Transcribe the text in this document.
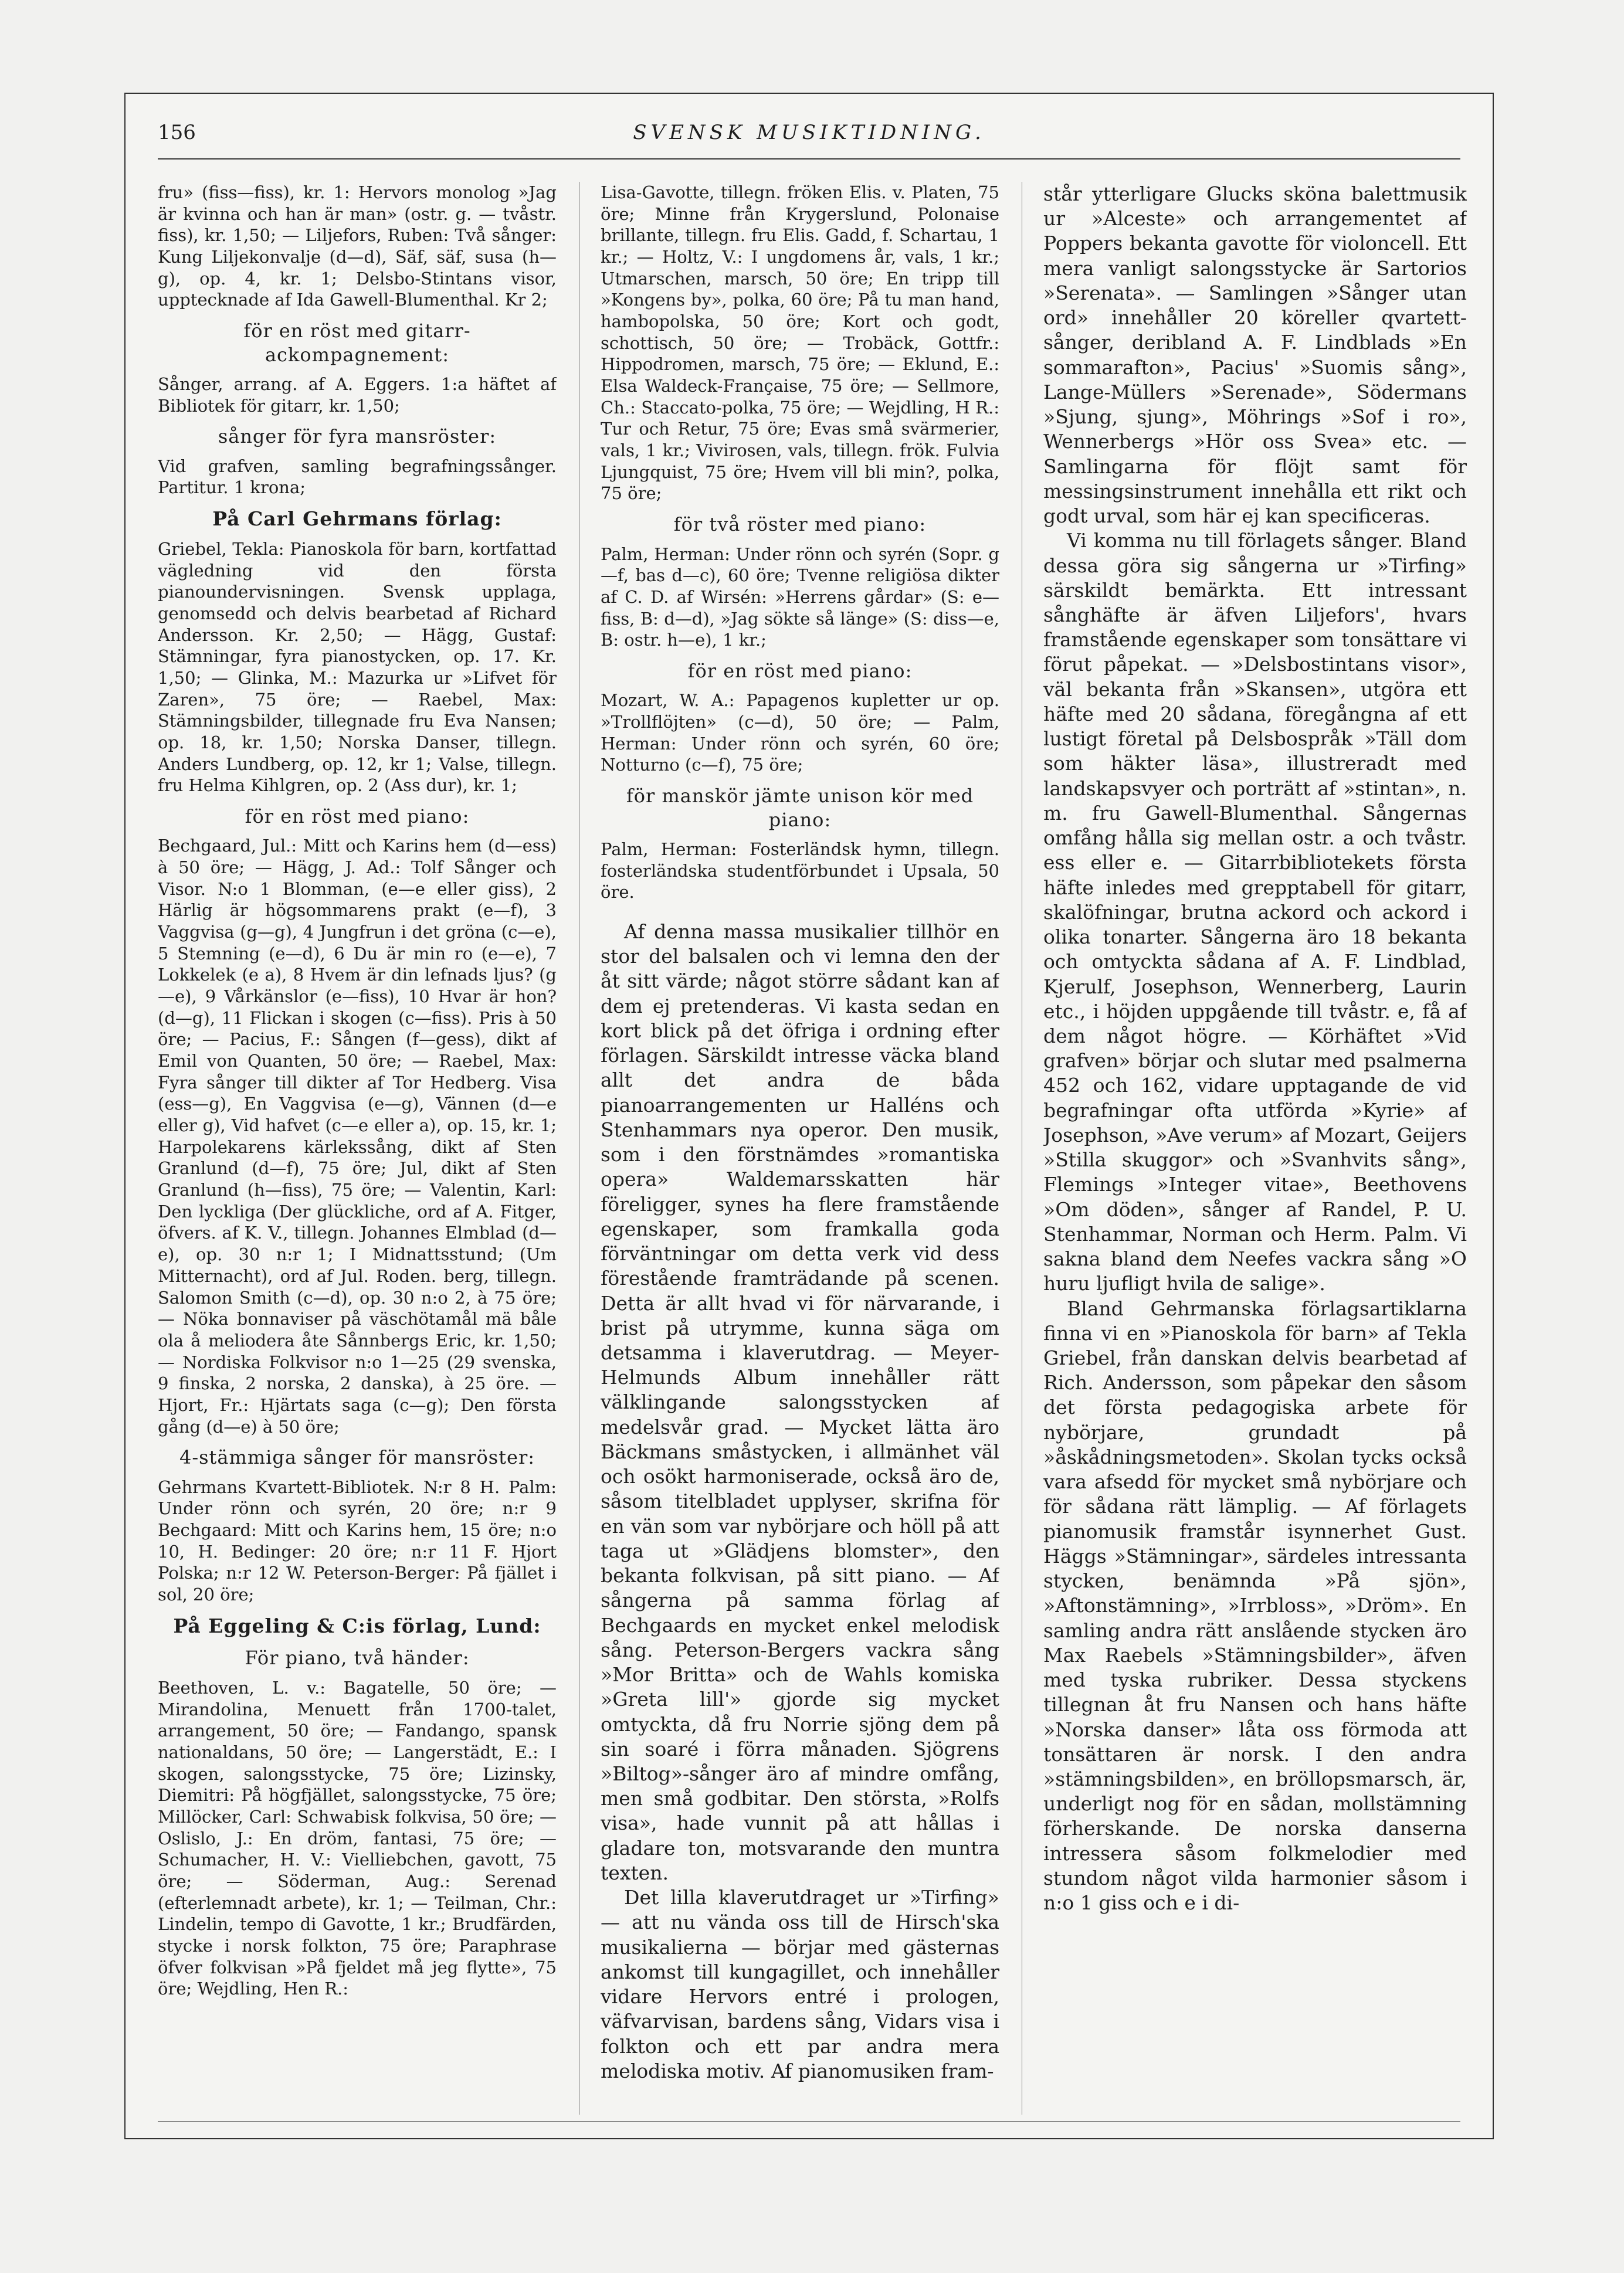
156	SVENSK MUSIKTIDNING.

fru» (fiss—fiss), kr. 1: Hervors monolog »Jag är kvinna och han är man» (ostr. g. — tvåstr. fiss), kr. 1,50; — Liljefors, Ruben: Två sånger: Kung Liljekonvalje (d—d), Säf, säf, susa (h—g), op. 4, kr. 1; Delsbo-Stintans visor, upptecknade af Ida Gawell-Blumenthal. Kr 2;

för en röst med gitarr-ackompagnement:

Sånger, arrang. af A. Eggers. 1:a häftet af Bibliotek för gitarr, kr. 1,50;

sånger för fyra mansröster:

Vid grafven, samling begrafningssånger. Partitur. 1 krona;

På Carl Gehrmans förlag:

Griebel, Tekla: Pianoskola för barn, kortfattad vägledning vid den första pianoundervisningen. Svensk upplaga, genomsedd och delvis bearbetad af Richard Andersson. Kr. 2,50; — Hägg, Gustaf: Stämningar, fyra pianostycken, op. 17. Kr. 1,50; — Glinka, M.: Mazurka ur »Lifvet för Zaren», 75 öre; — Raebel, Max: Stämningsbilder, tillegnade fru Eva Nansen; op. 18, kr. 1,50; Norska Danser, tillegn. Anders Lundberg, op. 12, kr 1; Valse, tillegn. fru Helma Kihlgren, op. 2 (Ass dur), kr. 1;

för en röst med piano:

Bechgaard, Jul.: Mitt och Karins hem (d—ess) à 50 öre; — Hägg, J. Ad.: Tolf Sånger och Visor. N:o 1 Blomman, (e—e eller giss), 2 Härlig är högsommarens prakt (e—f), 3 Vaggvisa (g—g), 4 Jungfrun i det gröna (c—e), 5 Stemning (e—d), 6 Du är min ro (e—e), 7 Lokkelek (e a), 8 Hvem är din lefnads ljus? (g—e), 9 Vårkänslor (e—fiss), 10 Hvar är hon? (d—g), 11 Flickan i skogen (c—fiss). Pris à 50 öre; — Pacius, F.: Sången (f—gess), dikt af Emil von Quanten, 50 öre; — Raebel, Max: Fyra sånger till dikter af Tor Hedberg. Visa (ess—g), En Vaggvisa (e—g), Vännen (d—e eller g), Vid hafvet (c—e eller a), op. 15, kr. 1; Harpolekarens kärlekssång, dikt af Sten Granlund (d—f), 75 öre; Jul, dikt af Sten Granlund (h—fiss), 75 öre; — Valentin, Karl: Den lyckliga (Der glückliche, ord af A. Fitger, öfvers. af K. V., tillegn. Johannes Elmblad (d—e), op. 30 n:r 1; I Midnattsstund; (Um Mitternacht), ord af Jul. Roden. berg, tillegn. Salomon Smith (c—d), op. 30 n:o 2, à 75 öre; — Nöka bonnaviser på väschötamål mä båle ola å meliodera åte Sånnbergs Eric, kr. 1,50; — Nordiska Folkvisor n:o 1—25 (29 svenska, 9 finska, 2 norska, 2 danska), à 25 öre. — Hjort, Fr.: Hjärtats saga (c—g); Den första gång (d—e) à 50 öre;

4-stämmiga sånger för mansröster:

Gehrmans Kvartett-Bibliotek. N:r 8 H. Palm: Under rönn och syrén, 20 öre; n:r 9 Bechgaard: Mitt och Karins hem, 15 öre; n:o 10, H. Bedinger: 20 öre; n:r 11 F. Hjort Polska; n:r 12 W. Peterson-Berger: På fjället i sol, 20 öre;

På Eggeling & C:is förlag, Lund:
För piano, två händer:

Beethoven, L. v.: Bagatelle, 50 öre; — Mirandolina, Menuett från 1700-talet, arrangement, 50 öre; — Fandango, spansk nationaldans, 50 öre; — Langerstädt, E.: I skogen, salongsstycke, 75 öre; Lizinsky, Diemitri: På högfjället, salongsstycke, 75 öre; Millöcker, Carl: Schwabisk folkvisa, 50 öre; — Oslislo, J.: En dröm, fantasi, 75 öre; — Schumacher, H. V.: Vielliebchen, gavott, 75 öre; — Söderman, Aug.: Serenad (efterlemnadt arbete), kr. 1; — Teilman, Chr.: Lindelin, tempo di Gavotte, 1 kr.; Brudfärden, stycke i norsk folkton, 75 öre; Paraphrase öfver folkvisan »På fjeldet må jeg flytte», 75 öre; Wejdling, Hen R.:

Lisa-Gavotte, tillegn. fröken Elis. v. Platen, 75 öre; Minne från Krygerslund, Polonaise brillante, tillegn. fru Elis. Gadd, f. Schartau, 1 kr.; — Holtz, V.: I ungdomens år, vals, 1 kr.; Utmarschen, marsch, 50 öre; En tripp till »Kongens by», polka, 60 öre; På tu man hand, hambopolska, 50 öre; Kort och godt, schottisch, 50 öre; — Trobäck, Gottfr.: Hippodromen, marsch, 75 öre; — Eklund, E.: Elsa Waldeck-Française, 75 öre; — Sellmore, Ch.: Staccato-polka, 75 öre; — Wejdling, H R.: Tur och Retur, 75 öre; Evas små svärmerier, vals, 1 kr.; Vivirosen, vals, tillegn. frök. Fulvia Ljungquist, 75 öre; Hvem vill bli min?, polka, 75 öre;

för två röster med piano:

Palm, Herman: Under rönn och syrén (Sopr. g—f, bas d—c), 60 öre; Tvenne religiösa dikter af C. D. af Wirsén: »Herrens gårdar» (S: e—fiss, B: d—d), »Jag sökte så länge» (S: diss—e, B: ostr. h—e), 1 kr.;

för en röst med piano:

Mozart, W. A.: Papagenos kupletter ur op. »Trollflöjten» (c—d), 50 öre; — Palm, Herman: Under rönn och syrén, 60 öre; Notturno (c—f), 75 öre;

för manskör jämte unison kör med piano:

Palm, Herman: Fosterländsk hymn, tillegn. fosterländska studentförbundet i Upsala, 50 öre.

Af denna massa musikalier tillhör en stor del balsalen och vi lemna den der åt sitt värde; något större sådant kan af dem ej pretenderas. Vi kasta sedan en kort blick på det öfriga i ordning efter förlagen. Särskildt intresse väcka bland allt det andra de båda pianoarrangementen ur Halléns och Stenhammars nya operor. Den musik, som i den förstnämdes »romantiska opera» Waldemarsskatten här föreligger, synes ha flere framstående egenskaper, som framkalla goda förväntningar om detta verk vid dess förestående framträdande på scenen. Detta är allt hvad vi för närvarande, i brist på utrymme, kunna säga om detsamma i klaverutdrag. — Meyer-Helmunds Album innehåller rätt välklingande salongsstycken af medelsvår grad. — Mycket lätta äro Bäckmans småstycken, i allmänhet väl och osökt harmoniserade, också äro de, såsom titelbladet upplyser, skrifna för en vän som var nybörjare och höll på att taga ut »Glädjens blomster», den bekanta folkvisan, på sitt piano. — Af sångerna på samma förlag af Bechgaards en mycket enkel melodisk sång. Peterson-Bergers vackra sång »Mor Britta» och de Wahls komiska »Greta lill'» gjorde sig mycket omtyckta, då fru Norrie sjöng dem på sin soaré i förra månaden. Sjögrens »Biltog»-sånger äro af mindre omfång, men små godbitar. Den största, »Rolfs visa», hade vunnit på att hållas i gladare ton, motsvarande den muntra texten.

Det lilla klaverutdraget ur »Tirfing» — att nu vända oss till de Hirsch'ska musikalierna — börjar med gästernas ankomst till kungagillet, och innehåller vidare Hervors entré i prologen, väfvarvisan, bardens sång, Vidars visa i folkton och ett par andra mera melodiska motiv. Af pianomusiken fram-

står ytterligare Glucks sköna balettmusik ur »Alceste» och arrangementet af Poppers bekanta gavotte för violoncell. Ett mera vanligt salongsstycke är Sartorios »Serenata». — Samlingen »Sånger utan ord» innehåller 20 köreller qvartett-sånger, deribland A. F. Lindblads »En sommarafton», Pacius' »Suomis sång», Lange-Müllers »Serenade», Södermans »Sjung, sjung», Möhrings »Sof i ro», Wennerbergs »Hör oss Svea» etc. — Samlingarna för flöjt samt för messingsinstrument innehålla ett rikt och godt urval, som här ej kan specificeras.

Vi komma nu till förlagets sånger. Bland dessa göra sig sångerna ur »Tirfing» särskildt bemärkta. Ett intressant sånghäfte är äfven Liljefors', hvars framstående egenskaper som tonsättare vi förut påpekat. — »Delsbostintans visor», väl bekanta från »Skansen», utgöra ett häfte med 20 sådana, föregångna af ett lustigt företal på Delsbospråk »Täll dom som häkter läsa», illustreradt med landskapsvyer och porträtt af »stintan», n. m. fru Gawell-Blumenthal. Sångernas omfång hålla sig mellan ostr. a och tvåstr. ess eller e. — Gitarrbibliotekets första häfte inledes med grepptabell för gitarr, skalöfningar, brutna ackord och ackord i olika tonarter. Sångerna äro 18 bekanta och omtyckta sådana af A. F. Lindblad, Kjerulf, Josephson, Wennerberg, Laurin etc., i höjden uppgående till tvåstr. e, få af dem något högre. — Körhäftet »Vid grafven» börjar och slutar med psalmerna 452 och 162, vidare upptagande de vid begrafningar ofta utförda »Kyrie» af Josephson, »Ave verum» af Mozart, Geijers »Stilla skuggor» och »Svanhvits sång», Flemings »Integer vitae», Beethovens »Om döden», sånger af Randel, P. U. Stenhammar, Norman och Herm. Palm. Vi sakna bland dem Neefes vackra sång »O huru ljufligt hvila de salige».

Bland Gehrmanska förlagsartiklarna finna vi en »Pianoskola för barn» af Tekla Griebel, från danskan delvis bearbetad af Rich. Andersson, som påpekar den såsom det första pedagogiska arbete för nybörjare, grundadt på »åskådningsmetoden». Skolan tycks också vara afsedd för mycket små nybörjare och för sådana rätt lämplig. — Af förlagets pianomusik framstår isynnerhet Gust. Häggs »Stämningar», särdeles intressanta stycken, benämnda »På sjön», »Aftonstämning», »Irrbloss», »Dröm». En samling andra rätt anslående stycken äro Max Raebels »Stämningsbilder», äfven med tyska rubriker. Dessa styckens tillegnan åt fru Nansen och hans häfte »Norska danser» låta oss förmoda att tonsättaren är norsk. I den andra »stämningsbilden», en bröllopsmarsch, är, underligt nog för en sådan, mollstämning förherskande. De norska danserna intressera såsom folkmelodier med stundom något vilda harmonier såsom i n:o 1 giss och e i di-
